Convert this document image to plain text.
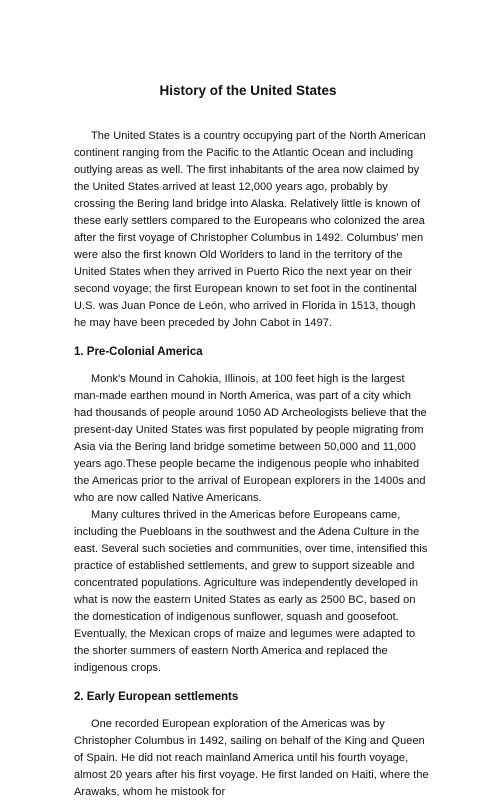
History of the United States

The United States is a country occupying part of the North American continent ranging from the Pacific to the Atlantic Ocean and including outlying areas as well. The first inhabitants of the area now claimed by the United States arrived at least 12,000 years ago, probably by crossing the Bering land bridge into Alaska. Relatively little is known of these early settlers compared to the Europeans who colonized the area after the first voyage of Christopher Columbus in 1492. Columbus' men were also the first known Old Worlders to land in the territory of the United States when they arrived in Puerto Rico the next year on their second voyage; the first European known to set foot in the continental U.S. was Juan Ponce de León, who arrived in Florida in 1513, though he may have been preceded by John Cabot in 1497.

1. Pre-Colonial America

Monk's Mound in Cahokia, Illinois, at 100 feet high is the largest man-made earthen mound in North America, was part of a city which had thousands of people around 1050 AD Archeologists believe that the present-day United States was first populated by people migrating from Asia via the Bering land bridge sometime between 50,000 and 11,000 years ago.These people became the indigenous people who inhabited the Americas prior to the arrival of European explorers in the 1400s and who are now called Native Americans.

Many cultures thrived in the Americas before Europeans came, including the Puebloans in the southwest and the Adena Culture in the east. Several such societies and communities, over time, intensified this practice of established settlements, and grew to support sizeable and concentrated populations. Agriculture was independently developed in what is now the eastern United States as early as 2500 BC, based on the domestication of indigenous sunflower, squash and goosefoot. Eventually, the Mexican crops of maize and legumes were adapted to the shorter summers of eastern North America and replaced the indigenous crops.

2. Early European settlements

One recorded European exploration of the Americas was by Christopher Columbus in 1492, sailing on behalf of the King and Queen of Spain. He did not reach mainland America until his fourth voyage, almost 20 years after his first voyage. He first landed on Haiti, where the Arawaks, whom he mistook for
